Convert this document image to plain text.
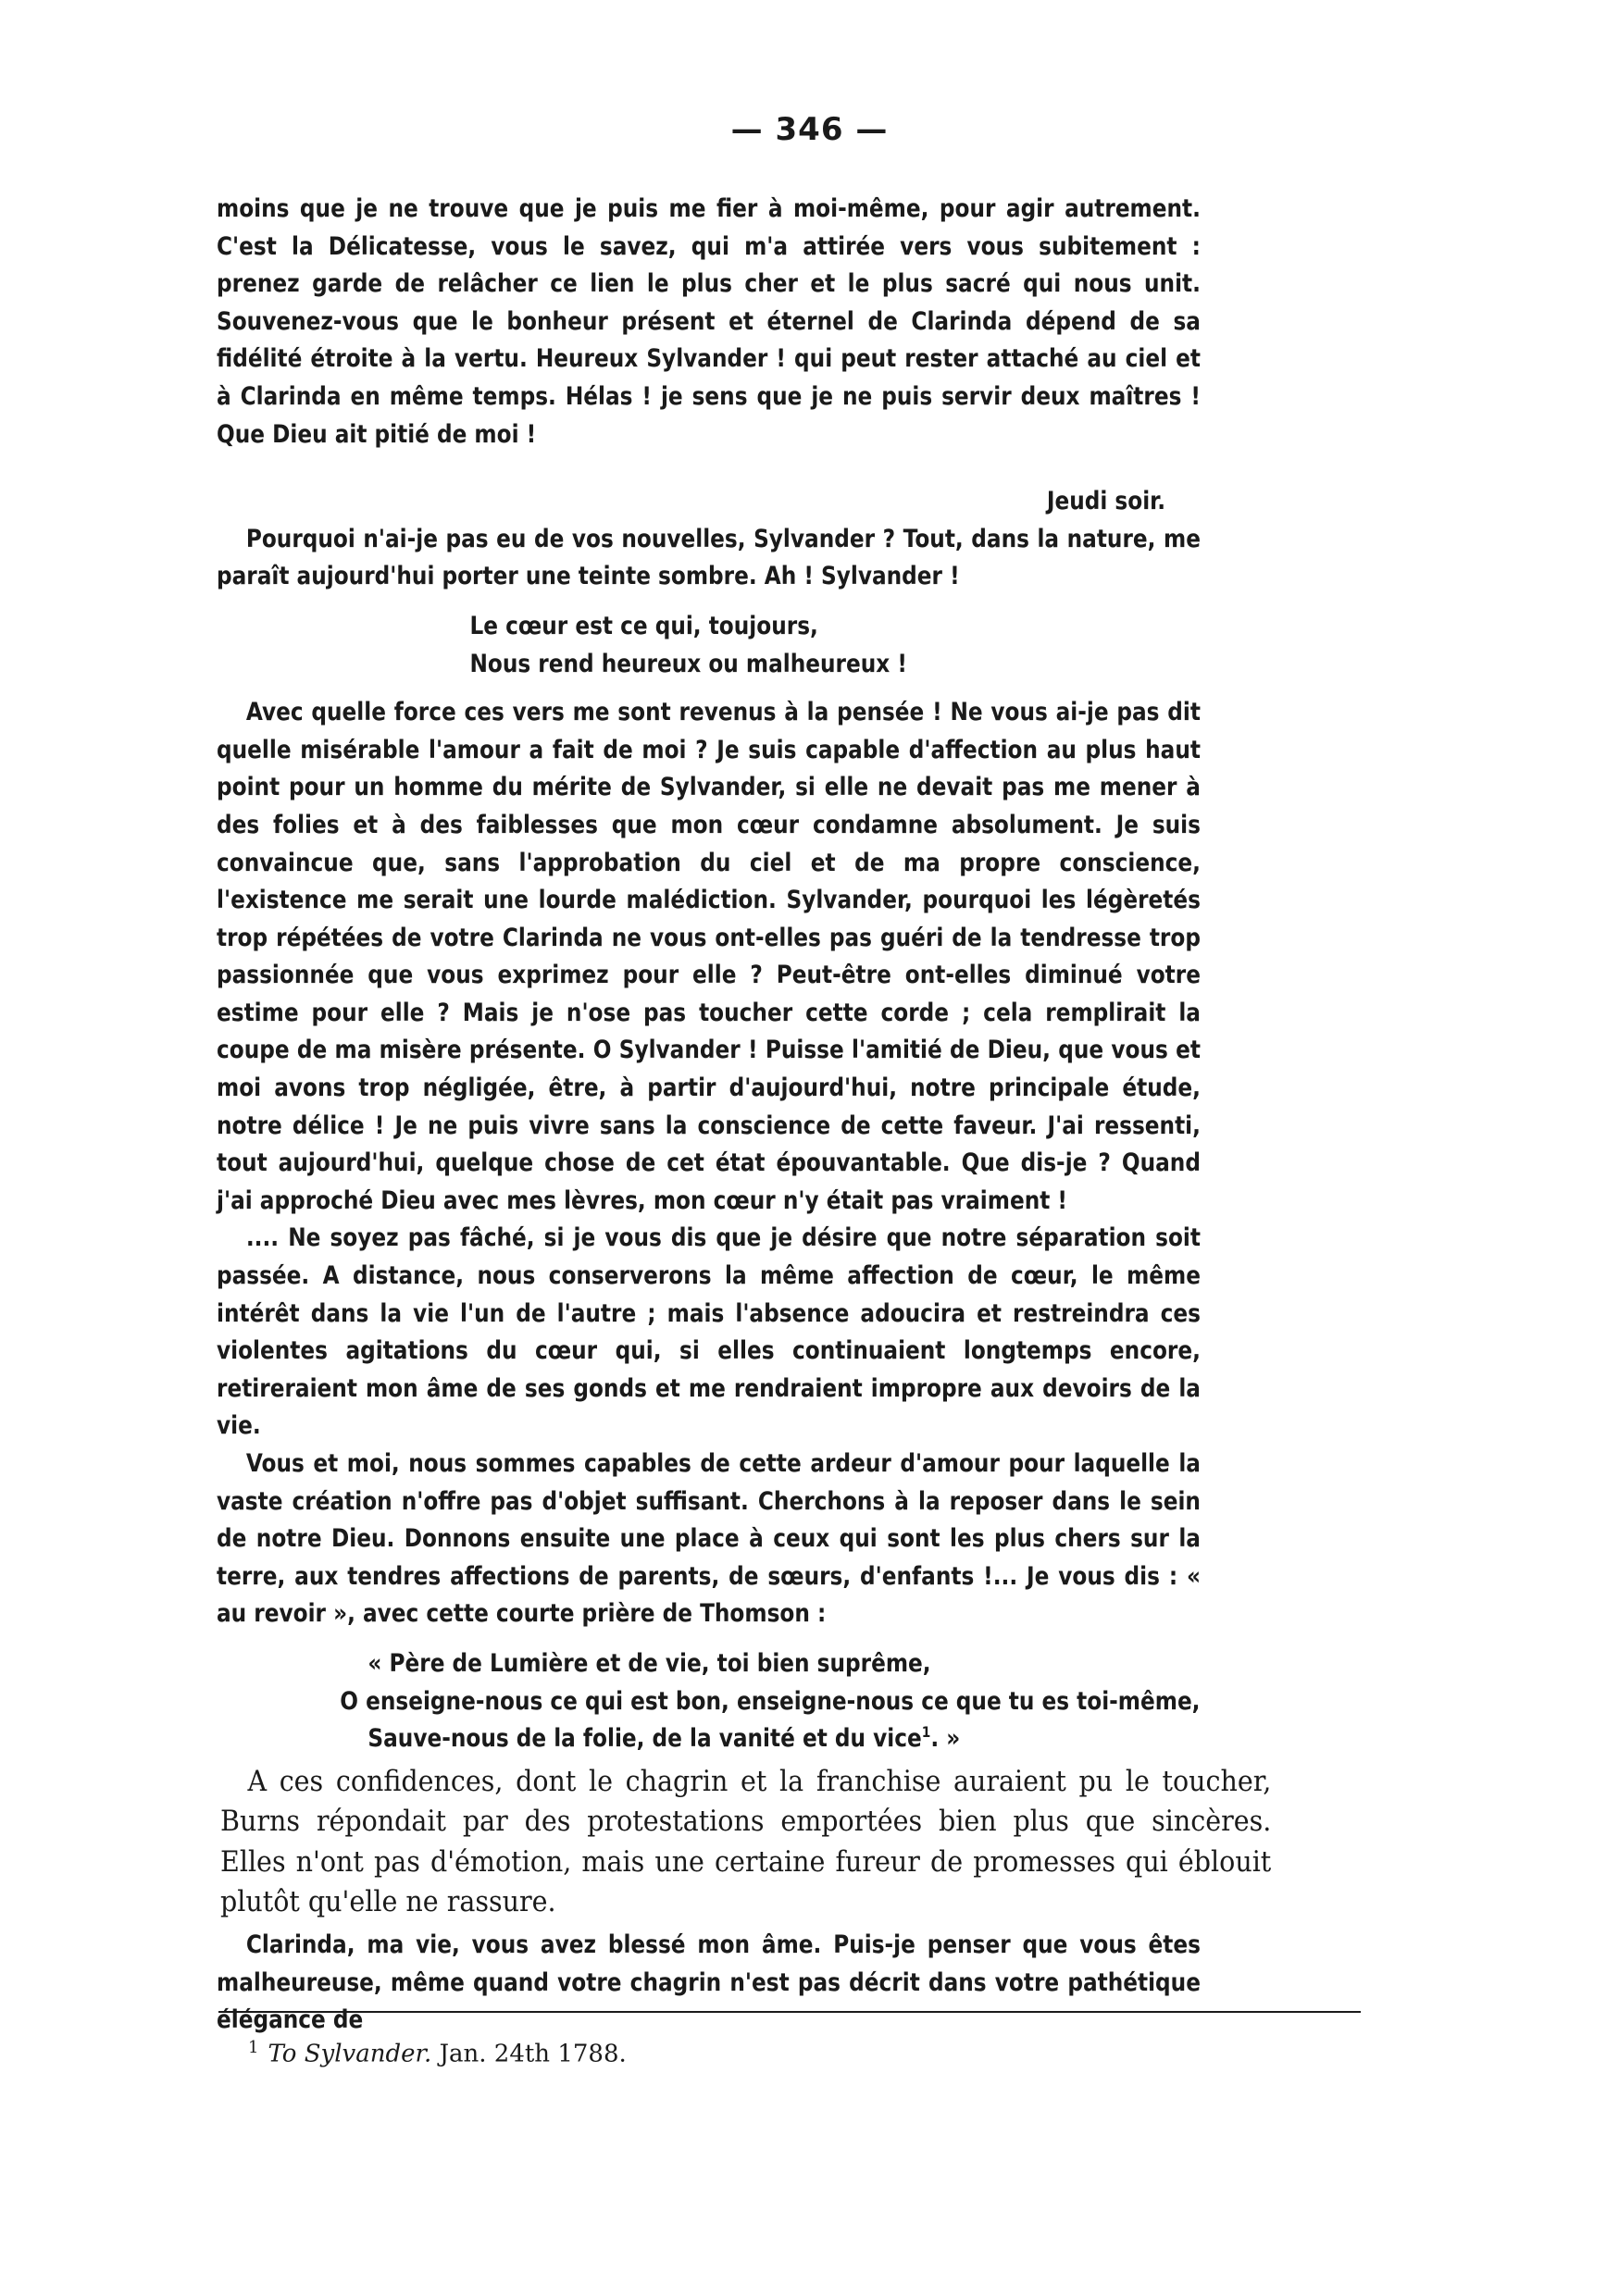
— 346 —

moins que je ne trouve que je puis me fier à moi-même, pour agir autrement. C'est la Délicatesse, vous le savez, qui m'a attirée vers vous subitement : prenez garde de relâcher ce lien le plus cher et le plus sacré qui nous unit. Souvenez-vous que le bonheur présent et éternel de Clarinda dépend de sa fidélité étroite à la vertu. Heureux Sylvander ! qui peut rester attaché au ciel et à Clarinda en même temps. Hélas ! je sens que je ne puis servir deux maîtres ! Que Dieu ait pitié de moi !

Jeudi soir.

Pourquoi n'ai-je pas eu de vos nouvelles, Sylvander ? Tout, dans la nature, me paraît aujourd'hui porter une teinte sombre. Ah ! Sylvander !

Le cœur est ce qui, toujours,
Nous rend heureux ou malheureux !

Avec quelle force ces vers me sont revenus à la pensée ! Ne vous ai-je pas dit quelle misérable l'amour a fait de moi ? Je suis capable d'affection au plus haut point pour un homme du mérite de Sylvander, si elle ne devait pas me mener à des folies et à des faiblesses que mon cœur condamne absolument. Je suis convaincue que, sans l'approbation du ciel et de ma propre conscience, l'existence me serait une lourde malédiction. Sylvander, pourquoi les légèretés trop répétées de votre Clarinda ne vous ont-elles pas guéri de la tendresse trop passionnée que vous exprimez pour elle ? Peut-être ont-elles diminué votre estime pour elle ? Mais je n'ose pas toucher cette corde ; cela remplirait la coupe de ma misère présente. O Sylvander ! Puisse l'amitié de Dieu, que vous et moi avons trop négligée, être, à partir d'aujourd'hui, notre principale étude, notre délice ! Je ne puis vivre sans la conscience de cette faveur. J'ai ressenti, tout aujourd'hui, quelque chose de cet état épouvantable. Que dis-je ? Quand j'ai approché Dieu avec mes lèvres, mon cœur n'y était pas vraiment !

.... Ne soyez pas fâché, si je vous dis que je désire que notre séparation soit passée. A distance, nous conserverons la même affection de cœur, le même intérêt dans la vie l'un de l'autre ; mais l'absence adoucira et restreindra ces violentes agitations du cœur qui, si elles continuaient longtemps encore, retireraient mon âme de ses gonds et me rendraient impropre aux devoirs de la vie.

Vous et moi, nous sommes capables de cette ardeur d'amour pour laquelle la vaste création n'offre pas d'objet suffisant. Cherchons à la reposer dans le sein de notre Dieu. Donnons ensuite une place à ceux qui sont les plus chers sur la terre, aux tendres affections de parents, de sœurs, d'enfants !... Je vous dis : « au revoir », avec cette courte prière de Thomson :

« Père de Lumière et de vie, toi bien suprême,
O enseigne-nous ce qui est bon, enseigne-nous ce que tu es toi-même,
Sauve-nous de la folie, de la vanité et du vice$^1$. »

A ces confidences, dont le chagrin et la franchise auraient pu le toucher, Burns répondait par des protestations emportées bien plus que sincères. Elles n'ont pas d'émotion, mais une certaine fureur de promesses qui éblouit plutôt qu'elle ne rassure.

Clarinda, ma vie, vous avez blessé mon âme. Puis-je penser que vous êtes malheureuse, même quand votre chagrin n'est pas décrit dans votre pathétique élégance de

$^1$ To Sylvander. Jan. 24th 1788.
